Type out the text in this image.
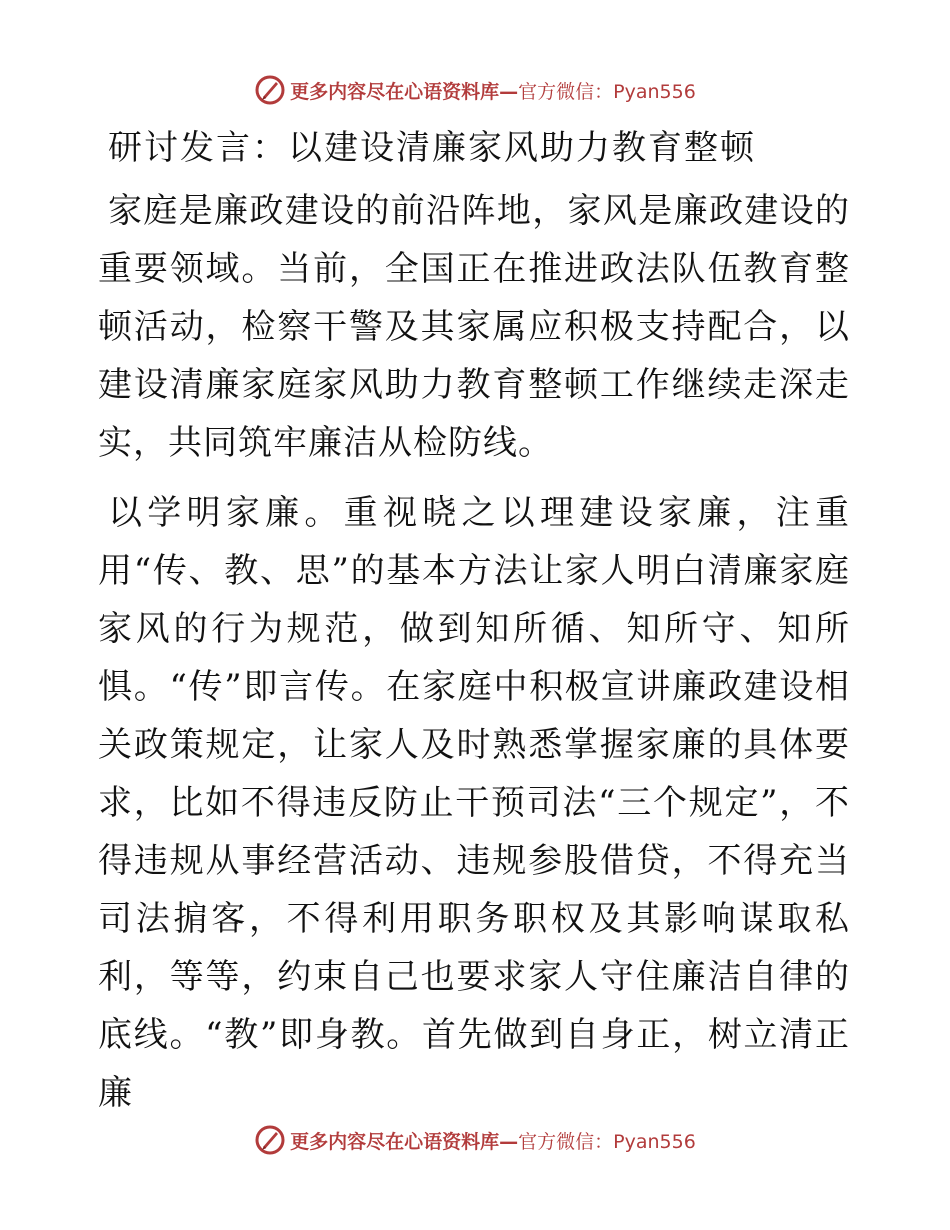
更多内容尽在心语资料库— 官方微信：Pyan556
研讨发言：以建设清廉家风助力教育整顿

家庭是廉政建设的前沿阵地，家风是廉政建设的重要领域。当前，全国正在推进政法队伍教育整顿活动，检察干警及其家属应积极支持配合，以建设清廉家庭家风助力教育整顿工作继续走深走实，共同筑牢廉洁从检防线。

以学明家廉。重视晓之以理建设家廉，注重用“传、教、思”的基本方法让家人明白清廉家庭家风的行为规范，做到知所循、知所守、知所惧。“传”即言传。在家庭中积极宣讲廉政建设相关政策规定，让家人及时熟悉掌握家廉的具体要求，比如不得违反防止干预司法“三个规定”，不得违规从事经营活动、违规参股借贷，不得充当司法掮客，不得利用职务职权及其影响谋取私利，等等，约束自己也要求家人守住廉洁自律的底线。“教”即身教。首先做到自身正，树立清正廉

更多内容尽在心语资料库— 官方微信：Pyan556
